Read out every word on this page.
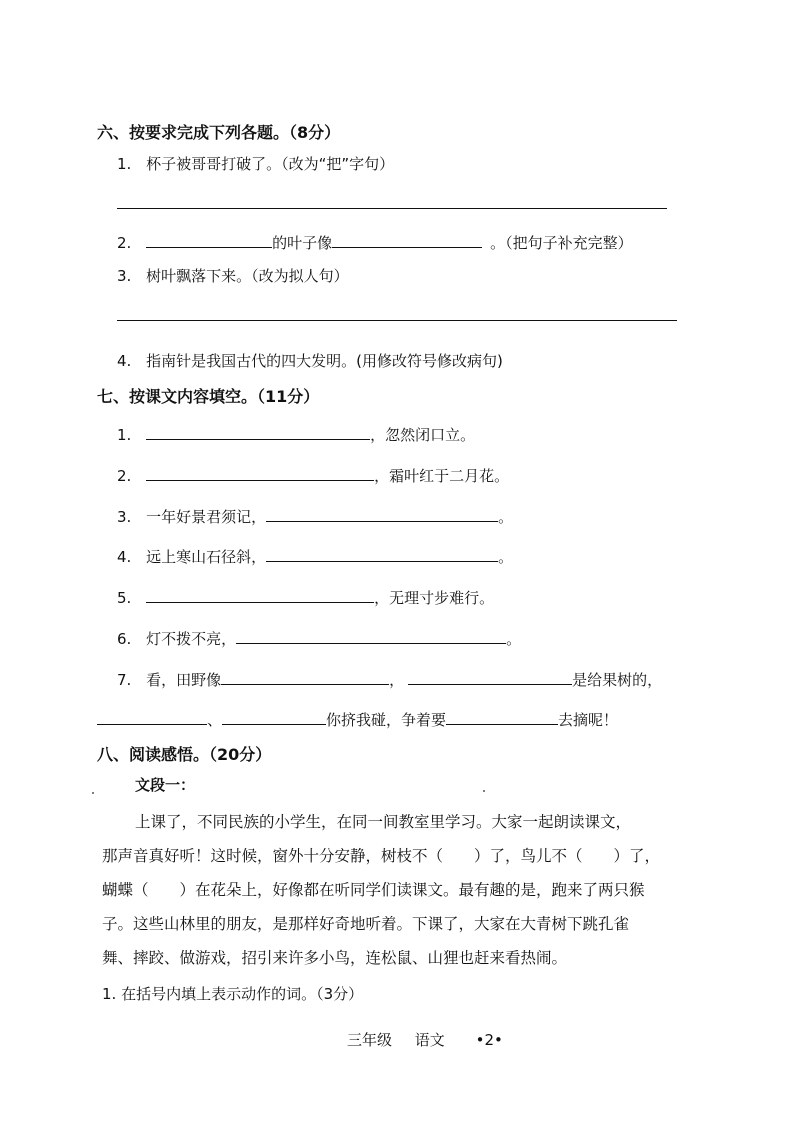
六、按要求完成下列各题。（8分）
1. 杯子被哥哥打破了。（改为“把”字句）
2.	的叶子像	。（把句子补充完整）
3. 树叶飘落下来。（改为拟人句）
4. 指南针是我国古代的四大发明。(用修改符号修改病句)
七、按课文内容填空。（11分）
1.	，忽然闭口立。
2.	，霜叶红于二月花。
3. 一年好景君须记，	。
4. 远上寒山石径斜，	。
5.	，无理寸步难行。
6. 灯不拨不亮，	。
7. 看，田野像	，	是给果树的，
、	你挤我碰，争着要	去摘呢！
八、阅读感悟。（20分）
文段一：
上课了，不同民族的小学生，在同一间教室里学习。大家一起朗读课文，
那声音真好听！这时候，窗外十分安静，树枝不（　　）了，鸟儿不（　　）了，
蝴蝶（　　）在花朵上，好像都在听同学们读课文。最有趣的是，跑来了两只猴
子。这些山林里的朋友，是那样好奇地听着。下课了，大家在大青树下跳孔雀
舞、摔跤、做游戏，招引来许多小鸟，连松鼠、山狸也赶来看热闹。
1. 在括号内填上表示动作的词。（3分）
三年级 语文 •2•
